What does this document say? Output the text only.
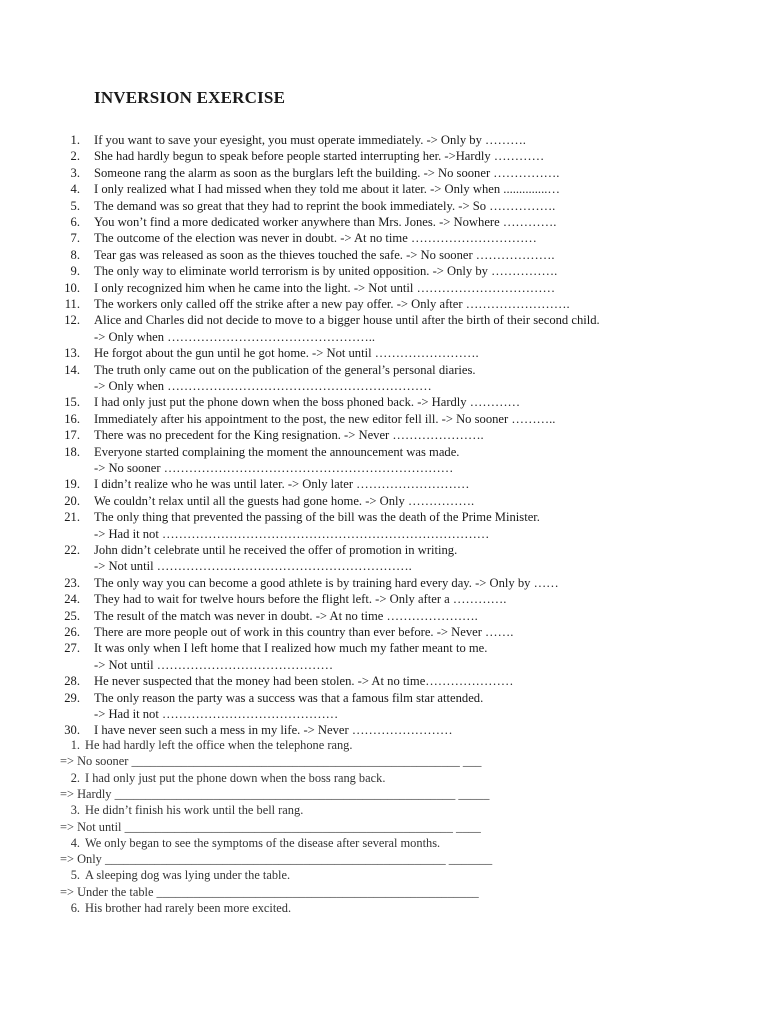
INVERSION EXERCISE
1. If you want to save your eyesight, you must operate immediately. -> Only by ……….
2. She had hardly begun to speak before people started interrupting her. ->Hardly …………
3. Someone rang the alarm as soon as the burglars left the building. -> No sooner …………….
4. I only realized what I had missed when they told me about it later. -> Only when ..............…
5. The demand was so great that they had to reprint the book immediately. -> So …………….
6. You won’t find a more dedicated worker anywhere than Mrs. Jones. -> Nowhere ………….
7. The outcome of the election was never in doubt. -> At no time …………………………
8. Tear gas was released as soon as the thieves touched the safe. -> No sooner ……………….
9. The only way to eliminate world terrorism is by united opposition. -> Only by …………….
10. I only recognized him when he came into the light. -> Not until ……………………………
11. The workers only called off the strike after a new pay offer. -> Only after …………………….
12. Alice and Charles did not decide to move to a bigger house until after the birth of their second child.
-> Only when …………………………………………..
13. He forgot about the gun until he got home. -> Not until …………………….
14. The truth only came out on the publication of the general’s personal diaries.
-> Only when ………………………………………………………
15. I had only just put the phone down when the boss phoned back. -> Hardly …………
16. Immediately after his appointment to the post, the new editor fell ill. -> No sooner ………..
17. There was no precedent for the King resignation. -> Never ………………….
18. Everyone started complaining the moment the announcement was made.
-> No sooner ……………………………………………………………
19. I didn’t realize who he was until later. -> Only later ………………………
20. We couldn’t relax until all the guests had gone home. -> Only …………….
21. The only thing that prevented the passing of the bill was the death of the Prime Minister.
-> Had it not ……………………………………………………………………
22. John didn’t celebrate until he received the offer of promotion in writing.
-> Not until …………………………………………………….
23. The only way you can become a good athlete is by training hard every day. -> Only by ……
24. They had to wait for twelve hours before the flight left. -> Only after a ………….
25. The result of the match was never in doubt. -> At no time ………………….
26. There are more people out of work in this country than ever before. -> Never …….
27. It was only when I left home that I realized how much my father meant to me.
-> Not until ……………………………………
28. He never suspected that the money had been stolen. -> At no time…………………
29. The only reason the party was a success was that a famous film star attended.
-> Had it not ……………………………………
30. I have never seen such a mess in my life. -> Never ……………………
1. He had hardly left the office when the telephone rang.
=> No sooner _____________________________________________________ ___
2. I had only just put the phone down when the boss rang back.
=> Hardly _______________________________________________________ _____
3. He didn’t finish his work until the bell rang.
=> Not until _____________________________________________________ ____
4. We only began to see the symptoms of the disease after several months.
=> Only _______________________________________________________ _______
5. A sleeping dog was lying under the table.
=> Under the table ____________________________________________________
6. His brother had rarely been more excited.
